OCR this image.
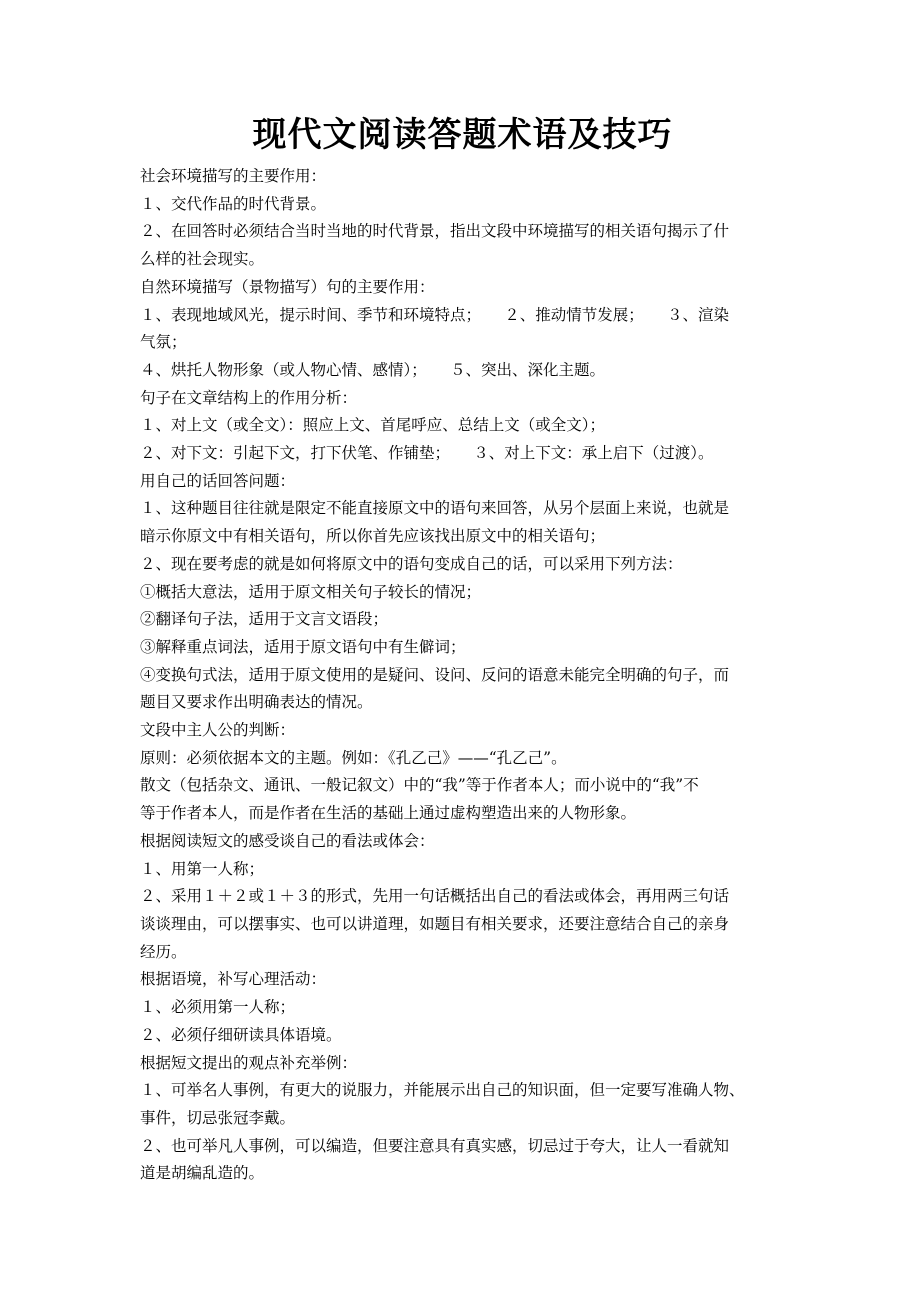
现代文阅读答题术语及技巧

社会环境描写的主要作用：

１、交代作品的时代背景。

２、在回答时必须结合当时当地的时代背景，指出文段中环境描写的相关语句揭示了什

么样的社会现实。

自然环境描写（景物描写）句的主要作用：

１、表现地域风光，提示时间、季节和环境特点；　　２、推动情节发展；　　３、渲染

气氛；

４、烘托人物形象（或人物心情、感情）；　　５、突出、深化主题。

句子在文章结构上的作用分析：

１、对上文（或全文）：照应上文、首尾呼应、总结上文（或全文）；

２、对下文：引起下文，打下伏笔、作铺垫；　　３、对上下文：承上启下（过渡）。

用自己的话回答问题：

１、这种题目往往就是限定不能直接原文中的语句来回答，从另个层面上来说，也就是

暗示你原文中有相关语句，所以你首先应该找出原文中的相关语句；

２、现在要考虑的就是如何将原文中的语句变成自己的话，可以采用下列方法：

①概括大意法，适用于原文相关句子较长的情况；

②翻译句子法，适用于文言文语段；

③解释重点词法，适用于原文语句中有生僻词；

④变换句式法，适用于原文使用的是疑问、设问、反问的语意未能完全明确的句子，而

题目又要求作出明确表达的情况。

文段中主人公的判断：

原则：必须依据本文的主题。例如：《孔乙己》——“孔乙己”。

散文（包括杂文、通讯、一般记叙文）中的“我”等于作者本人；而小说中的“我”不

等于作者本人，而是作者在生活的基础上通过虚构塑造出来的人物形象。

根据阅读短文的感受谈自己的看法或体会：

１、用第一人称；

２、采用１＋２或１＋３的形式，先用一句话概括出自己的看法或体会，再用两三句话

谈谈理由，可以摆事实、也可以讲道理，如题目有相关要求，还要注意结合自己的亲身

经历。

根据语境，补写心理活动：

１、必须用第一人称；

２、必须仔细研读具体语境。

根据短文提出的观点补充举例：

１、可举名人事例，有更大的说服力，并能展示出自己的知识面，但一定要写准确人物、

事件，切忌张冠李戴。

２、也可举凡人事例，可以编造，但要注意具有真实感，切忌过于夸大，让人一看就知

道是胡编乱造的。
